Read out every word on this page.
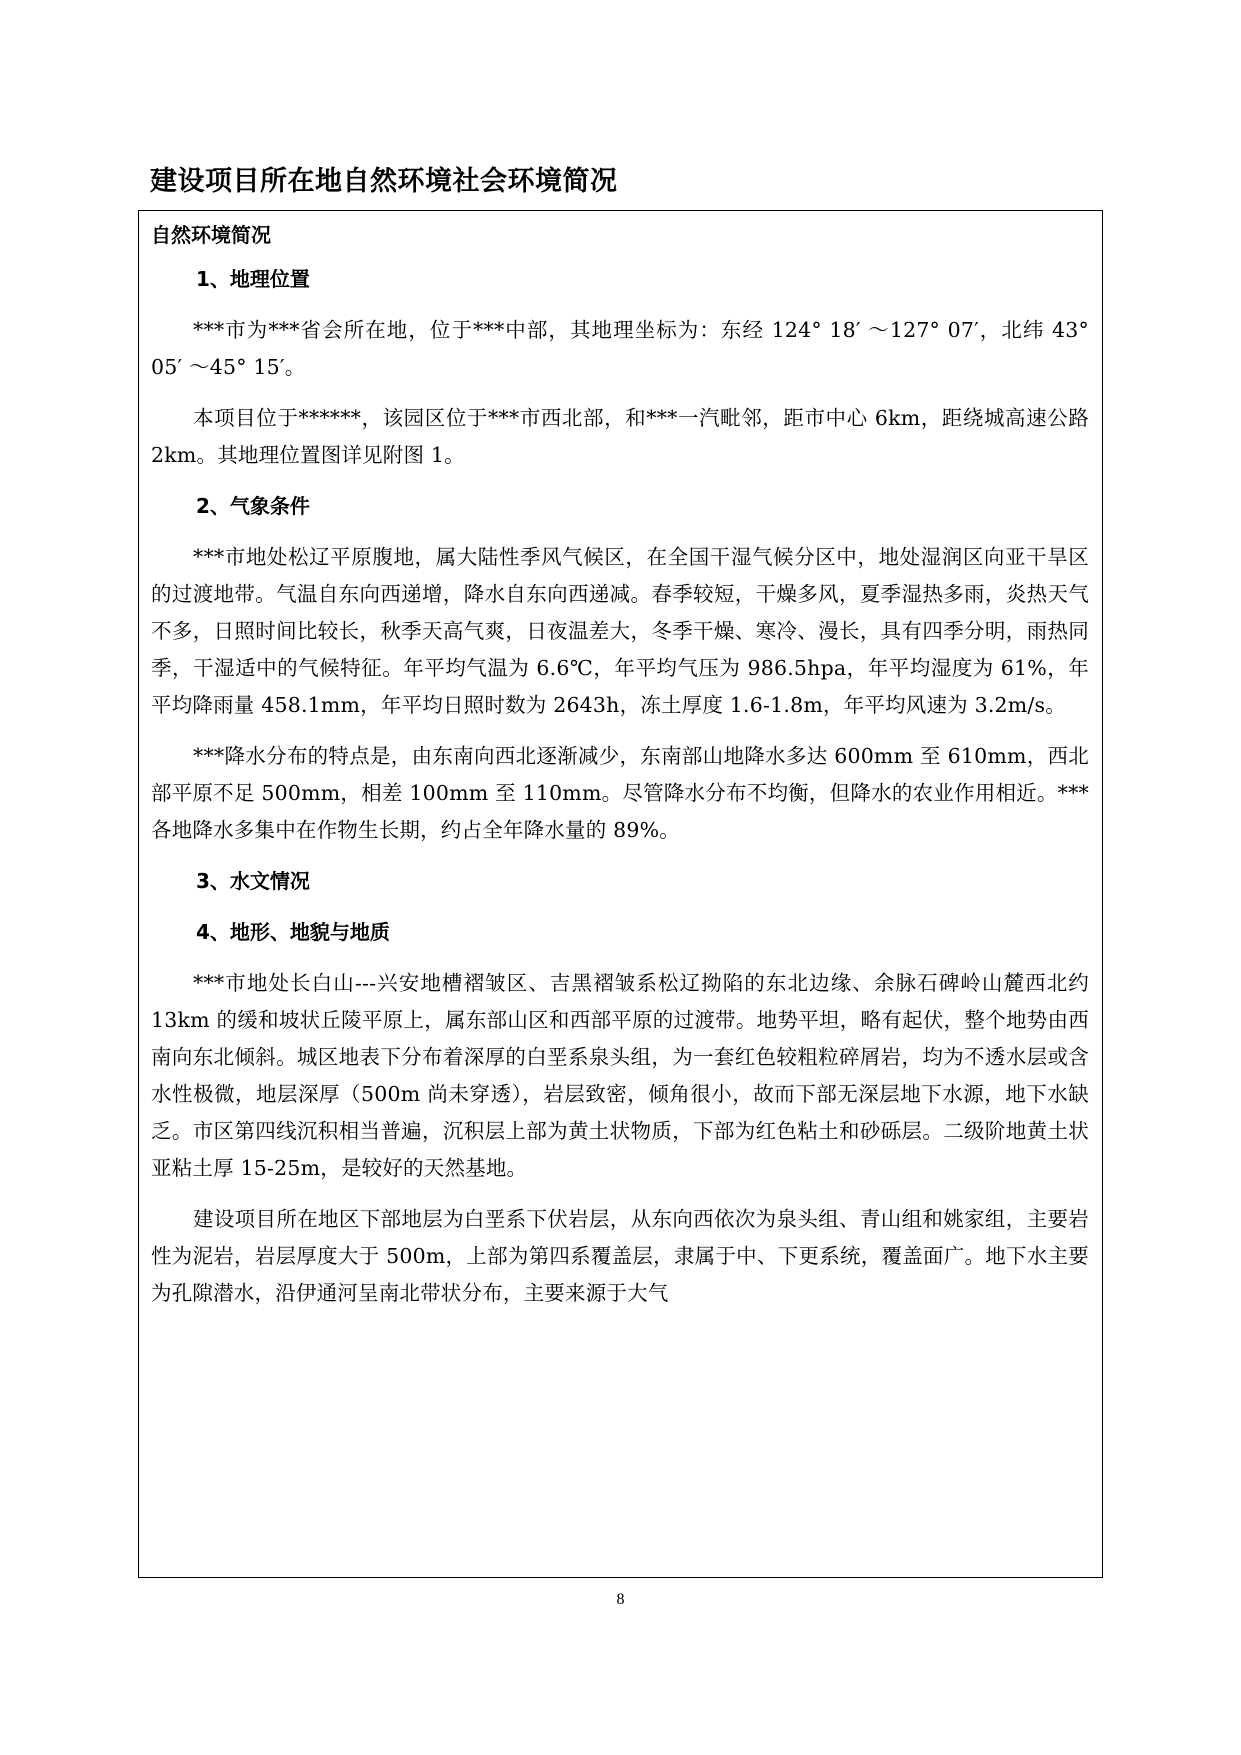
建设项目所在地自然环境社会环境简况
自然环境简况
1、地理位置

***市为***省会所在地，位于***中部，其地理坐标为：东经 124° 18′ ～127° 07′，北纬 43° 05′ ～45° 15′。

本项目位于******，该园区位于***市西北部，和***一汽毗邻，距市中心 6km，距绕城高速公路 2km。其地理位置图详见附图 1。

2、气象条件

***市地处松辽平原腹地，属大陆性季风气候区，在全国干湿气候分区中，地处湿润区向亚干旱区的过渡地带。气温自东向西递增，降水自东向西递减。春季较短，干燥多风，夏季湿热多雨，炎热天气不多，日照时间比较长，秋季天高气爽，日夜温差大，冬季干燥、寒冷、漫长，具有四季分明，雨热同季，干湿适中的气候特征。年平均气温为 6.6℃，年平均气压为 986.5hpa，年平均湿度为 61%，年平均降雨量 458.1mm，年平均日照时数为 2643h，冻土厚度 1.6-1.8m，年平均风速为 3.2m/s。

***降水分布的特点是，由东南向西北逐渐减少，东南部山地降水多达 600mm 至 610mm，西北部平原不足 500mm，相差 100mm 至 110mm。尽管降水分布不均衡，但降水的农业作用相近。***各地降水多集中在作物生长期，约占全年降水量的 89%。

3、水文情况
4、地形、地貌与地质

***市地处长白山---兴安地槽褶皱区、吉黑褶皱系松辽拗陷的东北边缘、余脉石碑岭山麓西北约 13km 的缓和坡状丘陵平原上，属东部山区和西部平原的过渡带。地势平坦，略有起伏，整个地势由西南向东北倾斜。城区地表下分布着深厚的白垩系泉头组，为一套红色较粗粒碎屑岩，均为不透水层或含水性极微，地层深厚（500m 尚未穿透），岩层致密，倾角很小，故而下部无深层地下水源，地下水缺乏。市区第四线沉积相当普遍，沉积层上部为黄土状物质，下部为红色粘土和砂砾层。二级阶地黄土状亚粘土厚 15-25m，是较好的天然基地。

建设项目所在地区下部地层为白垩系下伏岩层，从东向西依次为泉头组、青山组和姚家组，主要岩性为泥岩，岩层厚度大于 500m，上部为第四系覆盖层，隶属于中、下更系统，覆盖面广。地下水主要为孔隙潜水，沿伊通河呈南北带状分布，主要来源于大气

8
